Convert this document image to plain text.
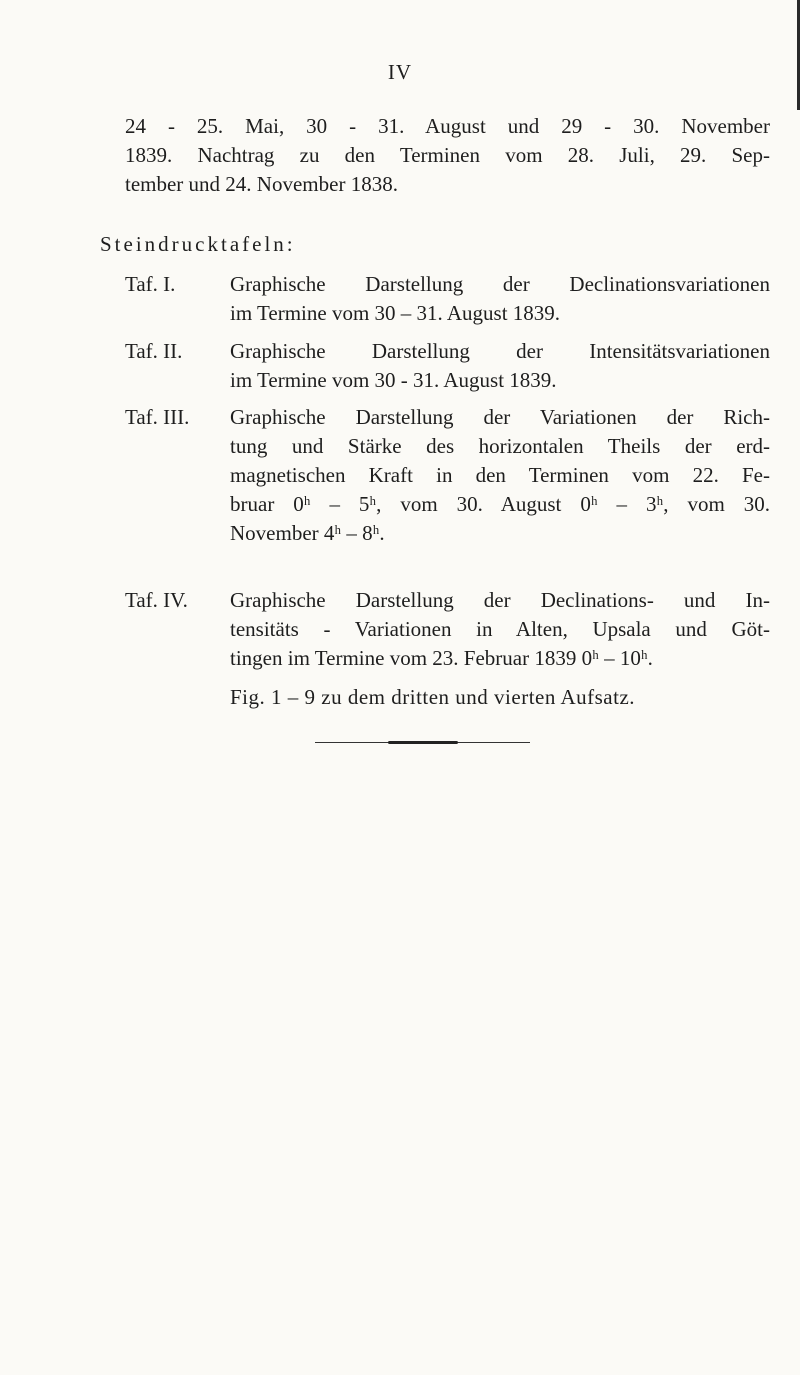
IV
24 - 25. Mai, 30 - 31. August und 29 - 30. November
1839. Nachtrag zu den Terminen vom 28. Juli, 29. Sep-
tember und 24. November 1838.
Steindrucktafeln:
Taf. I.	Graphische Darstellung der Declinationsvariationen
im Termine vom 30 – 31. August 1839.
Taf. II.	Graphische Darstellung der Intensitätsvariationen
im Termine vom 30 - 31. August 1839.
Taf. III.	Graphische Darstellung der Variationen der Rich-
tung und Stärke des horizontalen Theils der erd-
magnetischen Kraft in den Terminen vom 22. Fe-
bruar 0ʰ – 5ʰ, vom 30. August 0ʰ – 3ʰ, vom 30.
November 4ʰ – 8ʰ.
Taf. IV.	Graphische Darstellung der Declinations- und In-
tensitäts - Variationen in Alten, Upsala und Göt-
tingen im Termine vom 23. Februar 1839 0ʰ – 10ʰ.
Fig. 1 – 9 zu dem dritten und vierten Aufsatz.
